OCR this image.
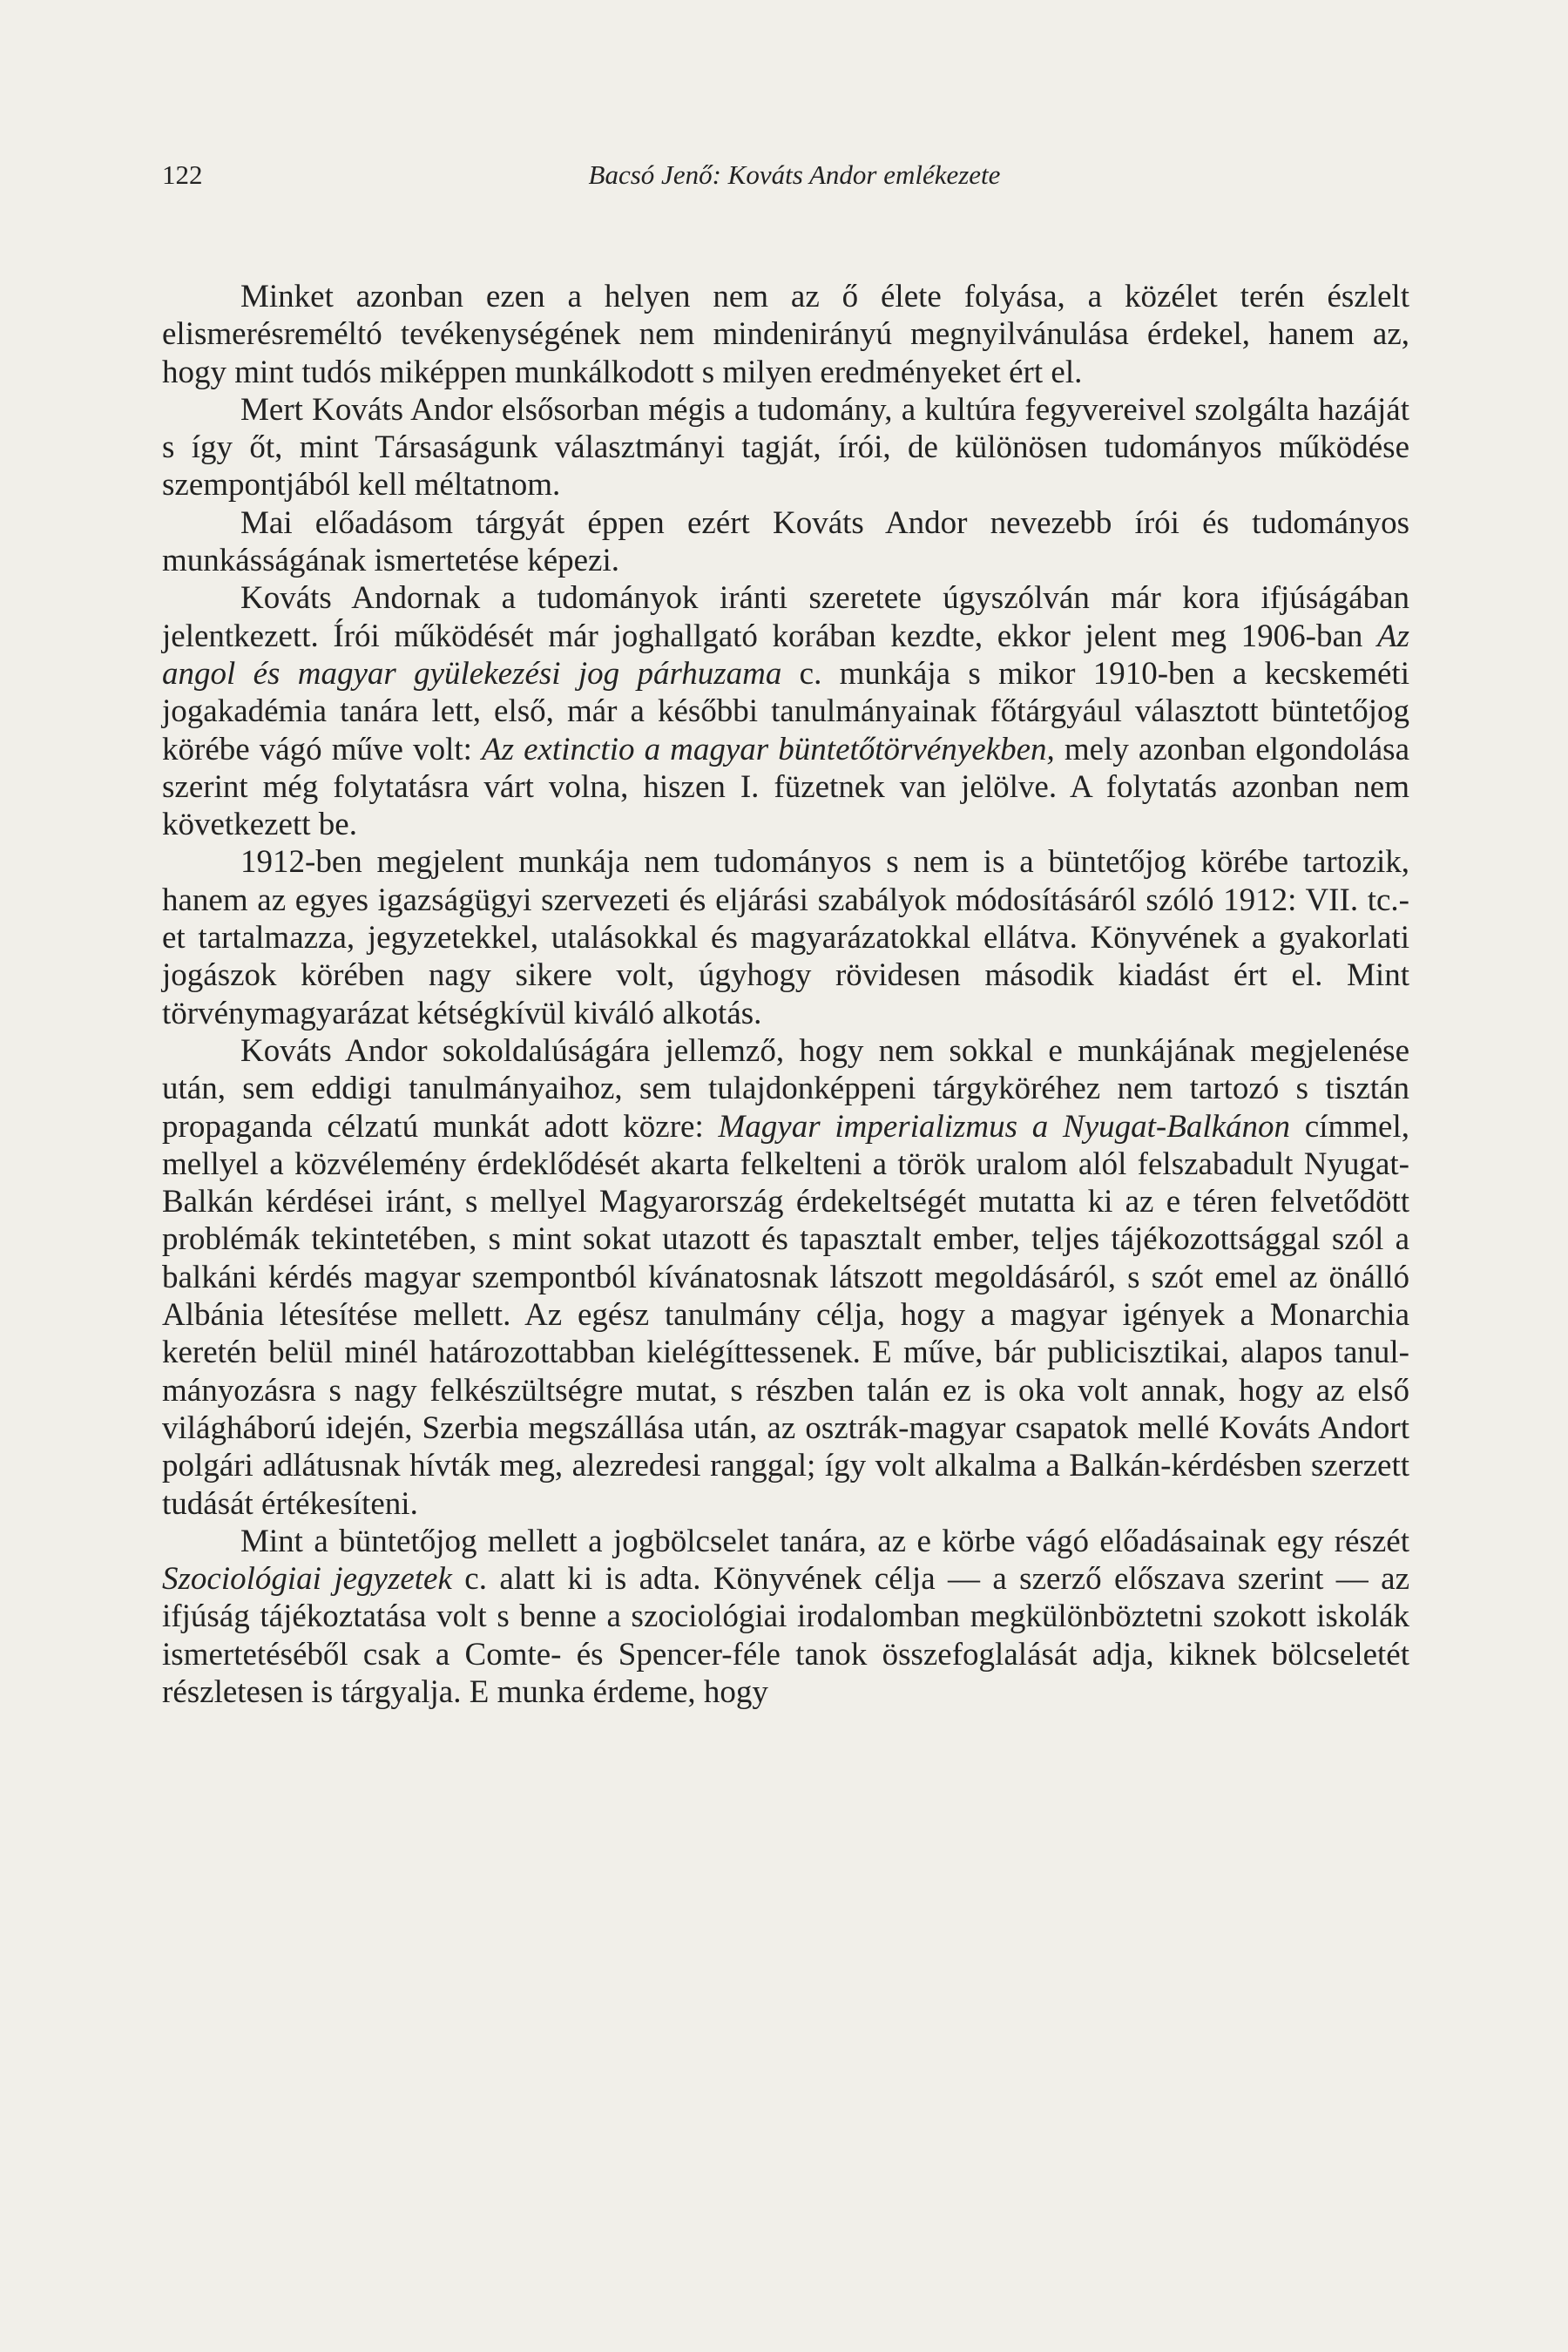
122	Bacsó Jenő: Kováts Andor emlékezete

Minket azonban ezen a helyen nem az ő élete folyása, a közélet terén észlelt elismerésreméltó tevékenységének nem mindenirányú megnyilvánulása érdekel, hanem az, hogy mint tudós miképpen munkálkodott s milyen eredményeket ért el.

Mert Kováts Andor elsősorban mégis a tudomány, a kultúra fegyvereivel szolgálta hazáját s így őt, mint Társaságunk választmányi tagját, írói, de különösen tudományos működése szempontjából kell méltatnom.

Mai előadásom tárgyát éppen ezért Kováts Andor nevezebb írói és tudományos munkásságának ismertetése képezi.

Kováts Andornak a tudományok iránti szeretete úgyszólván már kora ifjúságában jelentkezett. Írói működését már joghallgató korában kezdte, ekkor jelent meg 1906-ban Az angol és magyar gyülekezési jog párhuzama c. munkája s mikor 1910-ben a kecskeméti jogakadémia tanára lett, első, már a későbbi tanulmányainak főtárgyául választott büntetőjog körébe vágó műve volt: Az extinctio a magyar büntetőtörvényekben, mely azonban elgondolása szerint még folytatásra várt volna, hiszen I. füzetnek van jelölve. A folytatás azonban nem következett be.

1912-ben megjelent munkája nem tudományos s nem is a büntetőjog körébe tartozik, hanem az egyes igazságügyi szervezeti és eljárási szabályok módosításáról szóló 1912: VII. tc.-et tartalmazza, jegyzetekkel, utalásokkal és magyarázatokkal ellátva. Könyvének a gyakorlati jogászok körében nagy sikere volt, úgyhogy rövidesen második kiadást ért el. Mint törvénymagyarázat kétségkívül kiváló alkotás.

Kováts Andor sokoldalúságára jellemző, hogy nem sokkal e munkájának megjelenése után, sem eddigi tanulmányaihoz, sem tulajdonképpeni tárgyköréhez nem tartozó s tisztán propaganda célzatú munkát adott közre: Magyar imperializmus a Nyugat-Balkánon címmel, mellyel a közvélemény érdeklődését akarta felkelteni a török uralom alól felszabadult Nyugat-Balkán kérdései iránt, s mellyel Magyarország érdekeltségét mutatta ki az e téren felvetődött problémák tekintetében, s mint sokat utazott és tapasztalt ember, teljes tájékozottsággal szól a balkáni kérdés magyar szempontból kívánatosnak látszott megoldásáról, s szót emel az önálló Albánia létesítése mellett. Az egész tanulmány célja, hogy a magyar igények a Monarchia keretén belül minél határozottabban kielégíttessenek. E műve, bár publicisztikai, alapos tanulmányozásra s nagy felkészültségre mutat, s részben talán ez is oka volt annak, hogy az első világháború idején, Szerbia megszállása után, az osztrák-magyar csapatok mellé Kováts Andort polgári adlátusnak hívták meg, alezredesi ranggal; így volt alkalma a Balkán-kérdésben szerzett tudását értékesíteni.

Mint a büntetőjog mellett a jogbölcselet tanára, az e körbe vágó előadásainak egy részét Szociológiai jegyzetek c. alatt ki is adta. Könyvének célja — a szerző előszava szerint — az ifjúság tájékoztatása volt s benne a szociológiai irodalomban megkülönböztetni szokott iskolák ismertetéséből csak a Comte- és Spencer-féle tanok összefoglalását adja, kiknek bölcseletét részletesen is tárgyalja. E munka érdeme, hogy
